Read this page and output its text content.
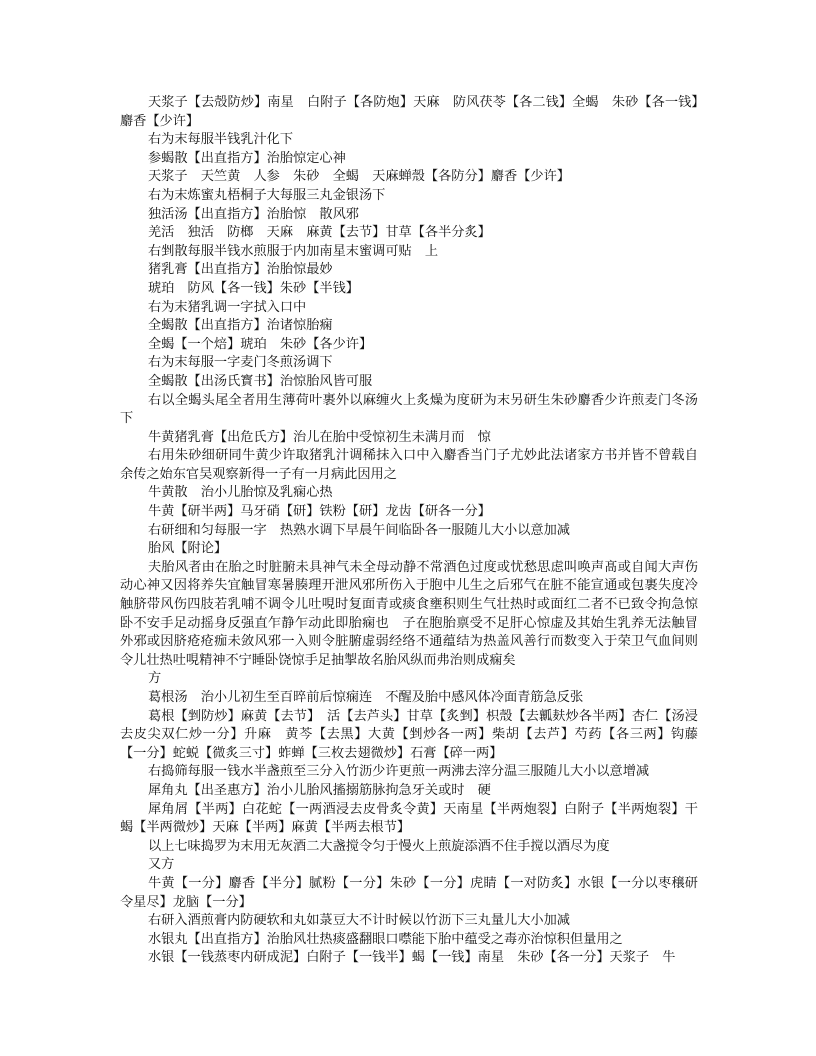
天浆子【去殻防炒】南星　白附子【各防炮】天麻　防风茯苓【各二钱】全蝎　朱砂【各一钱】麝香【少许】

右为末每服半钱乳汁化下

参蝎散【出直指方】治胎惊定心神

天浆子　天竺黄　人参　朱砂　全蝎　天麻蝉殼【各防分】麝香【少许】

右为末炼蜜丸梧桐子大每服三丸金银汤下

独活汤【出直指方】治胎惊　散风邪

羌活　独活　防榔　天麻　麻黄【去节】甘草【各半分炙】

右剉散每服半钱水煎服于内加南星末蜜调可贴　上

猪乳膏【出直指方】治胎惊最妙

琥珀　防风【各一钱】朱砂【半钱】

右为末猪乳调一字拭入口中

全蝎散【出直指方】治诸惊胎痫

全蝎【一个焙】琥珀　朱砂【各少许】

右为末每服一字麦门冬煎汤调下

全蝎散【出汤氏寳书】治惊胎风皆可服

右以全蝎头尾全者用生薄荷叶裹外以麻缠火上炙燥为度研为末另研生朱砂麝香少许煎麦门冬汤下

牛黄猪乳膏【出危氏方】治儿在胎中受惊初生未满月而　惊

右用朱砂细研同牛黄少许取猪乳汁调稀抹入口中入麝香当门子尤妙此法诸家方书并皆不曾载自余传之始东官吴观察新得一子有一月病此因用之

牛黄散　治小儿胎惊及乳痫心热

牛黄【研半两】马牙硝【研】铁粉【研】龙齿【研各一分】

右研细和匀每服一字　热熟水调下早晨午间临卧各一服随儿大小以意加减

胎风【附论】

夫胎风者由在胎之时脏腑未具神气未全母动静不常酒色过度或忧愁思虑叫唤声髙或自闻大声伤动心神又因将养失宜触冒寒暑腠理开泄风邪所伤入于胞中儿生之后邪气在脏不能宣通或包裹失度冷触脐带风伤四肢若乳哺不调令儿吐哯时复面青或痰食壅积则生气壮热时或面红二者不已致令拘急惊卧不安手足动摇身反强直乍静乍动此即胎痫也　子在胞胎禀受不足肝心惊虚及其始生乳养无法触冒外邪或因脐疮疮痂未敛风邪一入则令脏腑虚弱经络不通蕴结为热盖风善行而数变入于荣卫气血间则令儿壮热吐哯精神不宁睡卧饶惊手足抽掣故名胎风纵而弗治则成痫矣

方

葛根汤　治小儿初生至百晬前后惊痫连　不醒及胎中感风体冷面青筋急反张

葛根【剉防炒】麻黄【去节】　活【去芦头】甘草【炙剉】枳殼【去瓤麸炒各半两】杏仁【汤浸去皮尖双仁炒一分】升麻　黄芩【去黒】大黄【剉炒各一两】柴胡【去芦】芍药【各三两】钩藤【一分】蛇蜕【微炙三寸】蚱蝉【三枚去翅微炒】石膏【碎一两】

右捣筛每服一钱水半盏煎至三分入竹沥少许更煎一两沸去滓分温三服随儿大小以意增减

犀角丸【出圣惠方】治小儿胎风搐搦筋脉拘急牙关或时　硬

犀角屑【半两】白花蛇【一两酒浸去皮骨炙令黄】天南星【半两炮裂】白附子【半两炮裂】干蝎【半两微炒】天麻【半两】麻黄【半两去根节】

以上七味捣罗为末用无灰酒二大盏搅令匀于慢火上煎旋添酒不住手搅以酒尽为度

又方

牛黄【一分】麝香【半分】腻粉【一分】朱砂【一分】虎睛【一对防炙】水银【一分以枣穣研令星尽】龙脑【一分】

右研入酒煎膏内防硬软和丸如菉豆大不计时候以竹沥下三丸量儿大小加减

水银丸【出直指方】治胎风壮热痰盛翻眼口噤能下胎中蕴受之毒亦治惊积但量用之

水银【一钱蒸枣内研成泥】白附子【一钱半】蝎【一钱】南星　朱砂【各一分】天浆子　牛
